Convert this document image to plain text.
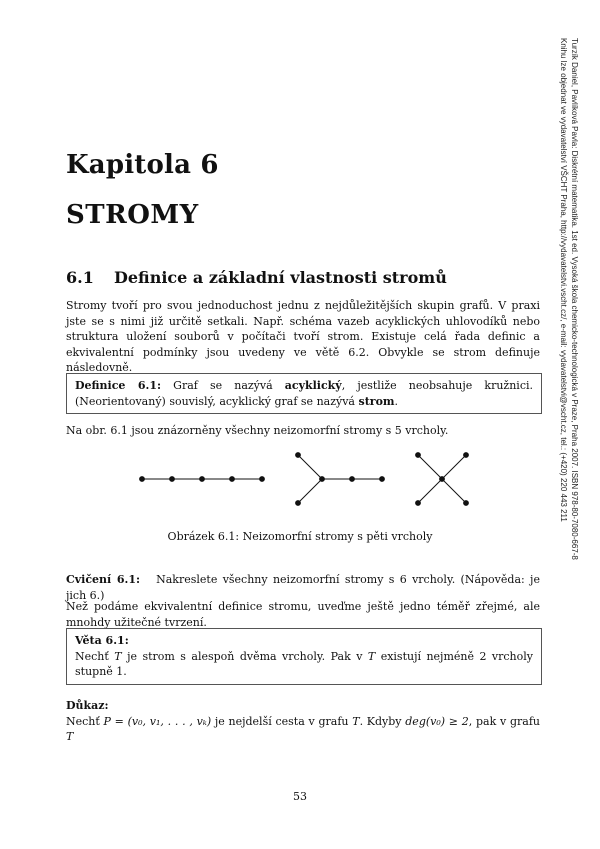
Turzík Daniel, Pavlíková Pavla: Diskrétní matematika. 1st ed. Vysoká škola chemicko-technologická v Praze, Praha 2007. ISBN 978-80-7080-667-8
Knihu lze objednat ve vydavatelství VŠCHT Praha, http://vydavatelstvi.vscht.cz/, e-mail: vydavatelstvi@vscht.cz, tel.: (+420) 220 443 211
Kapitola 6
STROMY
6.1 Definice a základní vlastnosti stromů

Stromy tvoří pro svou jednoduchost jednu z nejdůležitějších skupin grafů. V praxi jste se s nimi již určitě setkali. Např. schéma vazeb acyklických uhlovodíků nebo struktura uložení souborů v počítači tvoří strom. Existuje celá řada definic a ekvivalentní podmínky jsou uvedeny ve větě 6.2. Obvykle se strom definuje následovně.

Definice 6.1: Graf se nazývá acyklický, jestliže neobsahuje kružnici. (Neorientovaný) souvislý, acyklický graf se nazývá strom.

Na obr. 6.1 jsou znázorněny všechny neizomorfní stromy s 5 vrcholy.

Obrázek 6.1: Neizomorfní stromy s pěti vrcholy

Cvičení 6.1: Nakreslete všechny neizomorfní stromy s 6 vrcholy. (Nápověda: je jich 6.)

Než podáme ekvivalentní definice stromu, uveďme ještě jedno téměř zřejmé, ale mnohdy užitečné tvrzení.

Věta 6.1:
Nechť T je strom s alespoň dvěma vrcholy. Pak v T existují nejméně 2 vrcholy stupně 1.
Důkaz:
Nechť P = (v₀, v₁, . . . , vₖ) je nejdelší cesta v grafu T. Kdyby deg(v₀) ≥ 2, pak v grafu T
53
